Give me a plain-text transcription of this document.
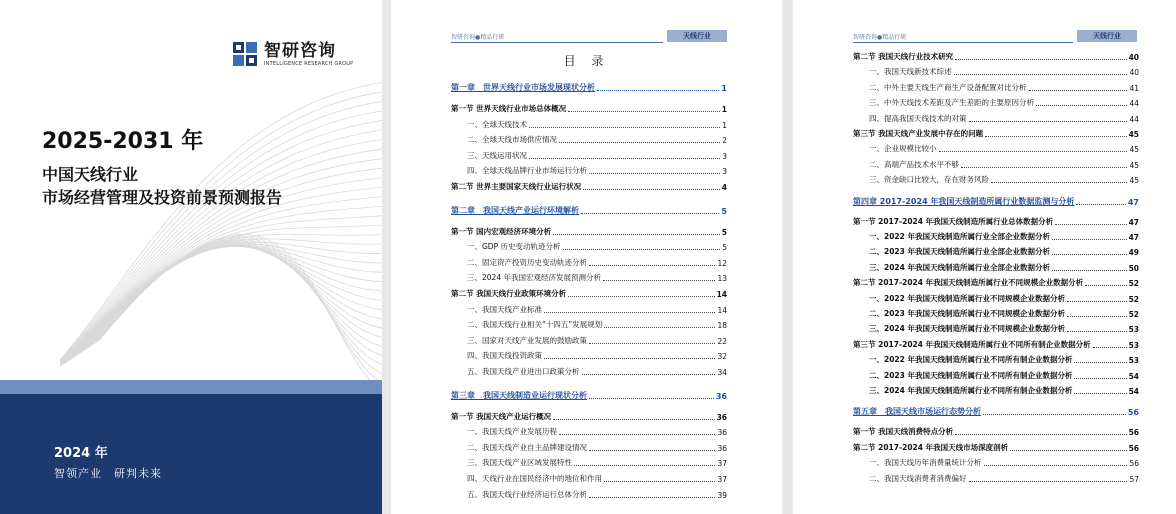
智研咨询
INTELLIGENCE RESEARCH GROUP
2025-2031 年
中国天线行业
市场经营管理及投资前景预测报告
2024 年
智领产业　研判未来
智研咨询●精品行研	天线行业
目 录
第一章　世界天线行业市场发展现状分析	1
第一节 世界天线行业市场总体概况	1
一、全球天线技术	1
二、全球天线市场供应情况	2
三、天线运用状况	3
四、全球天线品牌行业市场运行分析	3
第二节 世界主要国家天线行业运行状况	4
第二章　我国天线产业运行环境解析	5
第一节 国内宏观经济环境分析	5
一、GDP 历史变动轨迹分析	5
二、固定资产投资历史变动轨迹分析	12
三、2024 年我国宏观经济发展预测分析	13
第二节 我国天线行业政策环境分析	14
一、我国天线产业标准	14
二、我国天线行业相关“十四五”发展规划	18
三、国家对天线产业发展的鼓励政策	22
四、我国天线投资政策	32
五、我国天线产业进出口政策分析	34
第三章　我国天线制造业运行现状分析	36
第一节 我国天线产业运行概况	36
一、我国天线产业发展历程	36
二、我国天线产业自主品牌建设情况	36
三、我国天线产业区域发展特性	37
四、天线行业在国民经济中的地位和作用	37
五、我国天线行业经济运行总体分析	39
智研咨询●精品行研	天线行业
第二节 我国天线行业技术研究	40
一、我国天线新技术综述	40
二、中外主要天线生产商生产设备配置对比分析	41
三、中外天线技术差距及产生差距的主要原因分析	44
四、提高我国天线技术的对策	44
第三节 我国天线产业发展中存在的问题	45
一、企业规模比较小	45
二、高端产品技术水平不够	45
三、资金缺口比较大，存在财务风险	45
第四章 2017-2024 年我国天线制造所属行业数据监测与分析	47
第一节 2017-2024 年我国天线制造所属行业总体数据分析	47
一、2022 年我国天线制造所属行业全部企业数据分析	47
二、2023 年我国天线制造所属行业全部企业数据分析	49
三、2024 年我国天线制造所属行业全部企业数据分析	50
第二节 2017-2024 年我国天线制造所属行业不同规模企业数据分析	52
一、2022 年我国天线制造所属行业不同规模企业数据分析	52
二、2023 年我国天线制造所属行业不同规模企业数据分析	52
三、2024 年我国天线制造所属行业不同规模企业数据分析	53
第三节 2017-2024 年我国天线制造所属行业不同所有制企业数据分析	53
一、2022 年我国天线制造所属行业不同所有制企业数据分析	53
二、2023 年我国天线制造所属行业不同所有制企业数据分析	54
三、2024 年我国天线制造所属行业不同所有制企业数据分析	54
第五章　我国天线市场运行态势分析	56
第一节 我国天线消费特点分析	56
第二节 2017-2024 年我国天线市场深度剖析	56
一、我国天线历年消费量统计分析	56
二、我国天线消费者消费偏好	57
